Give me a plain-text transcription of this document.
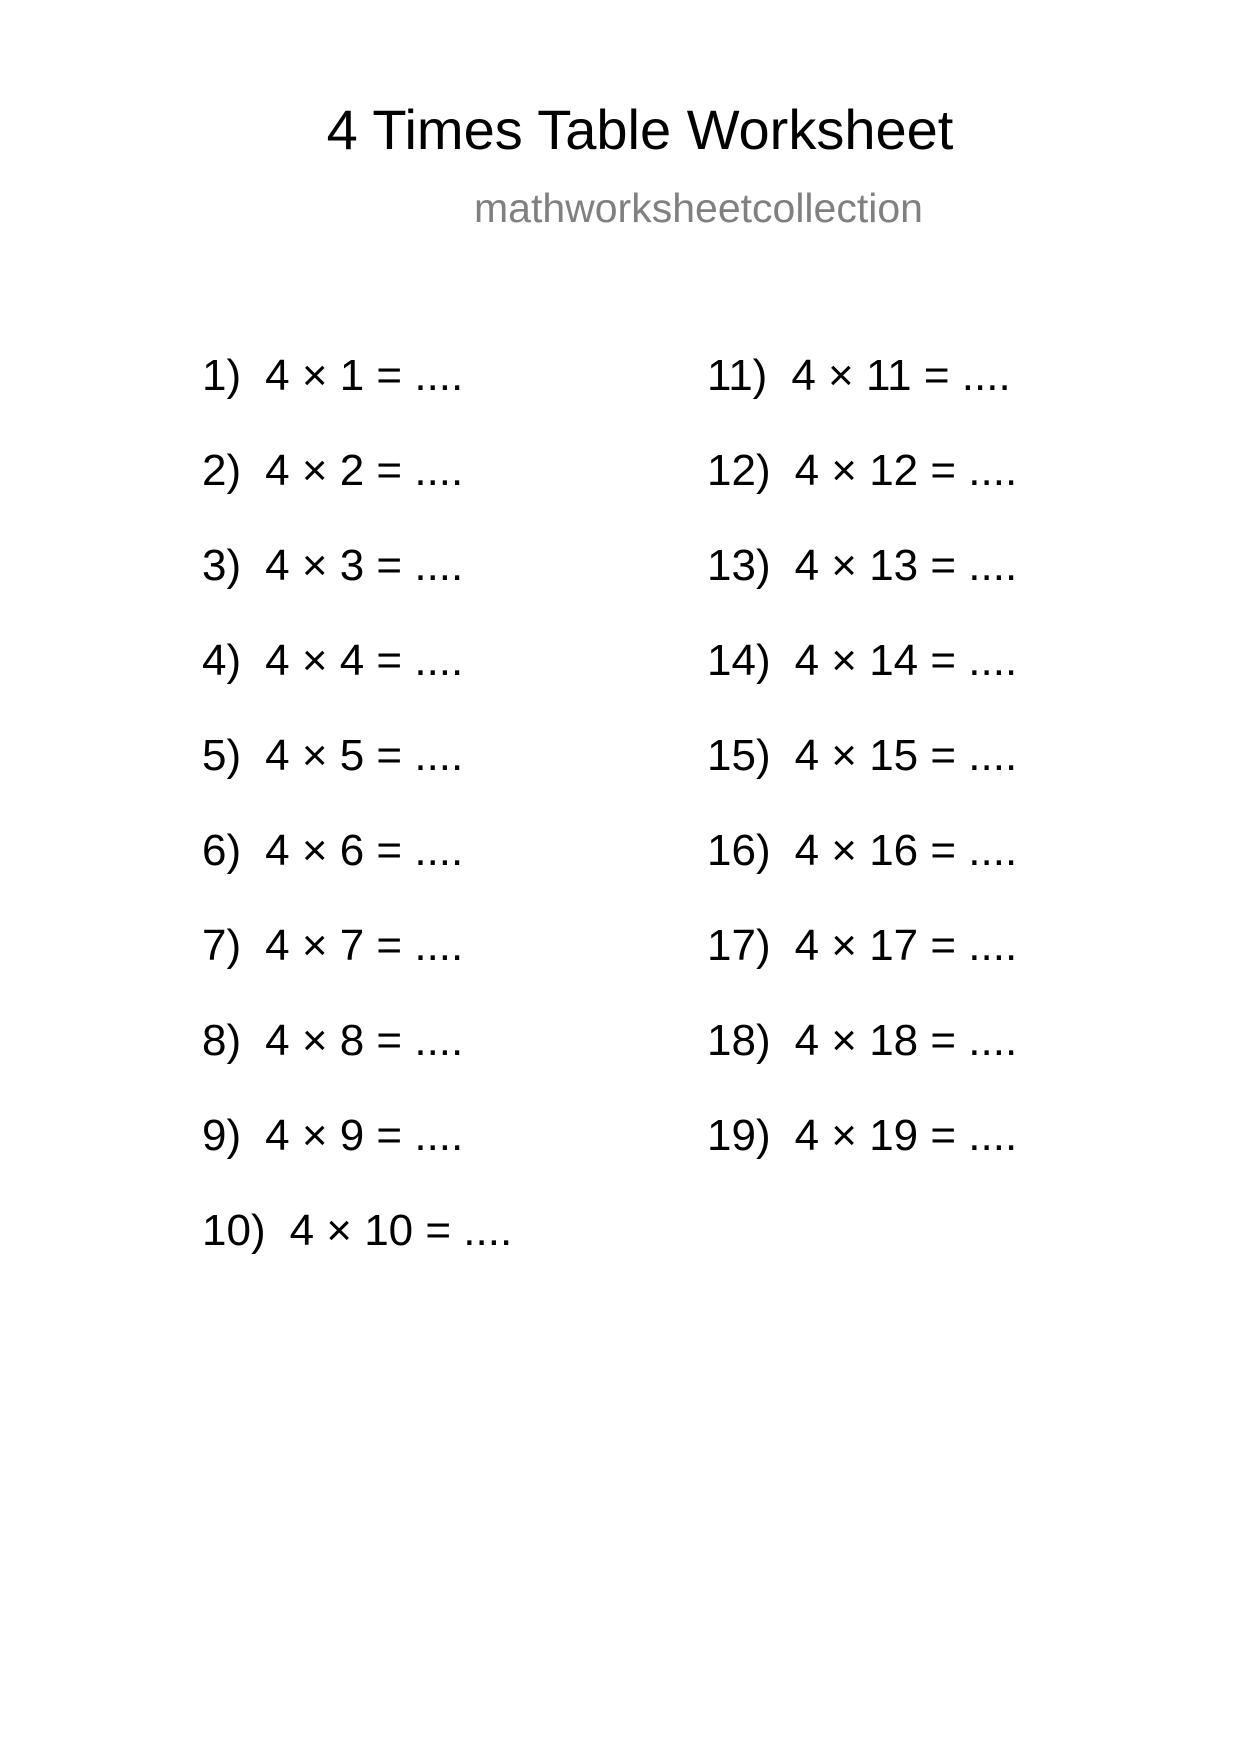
4 Times Table Worksheet
mathworksheetcollection
1) 4 × 1 = ....
2) 4 × 2 = ....
3) 4 × 3 = ....
4) 4 × 4 = ....
5) 4 × 5 = ....
6) 4 × 6 = ....
7) 4 × 7 = ....
8) 4 × 8 = ....
9) 4 × 9 = ....
10) 4 × 10 = ....
11) 4 × 11 = ....
12) 4 × 12 = ....
13) 4 × 13 = ....
14) 4 × 14 = ....
15) 4 × 15 = ....
16) 4 × 16 = ....
17) 4 × 17 = ....
18) 4 × 18 = ....
19) 4 × 19 = ....
